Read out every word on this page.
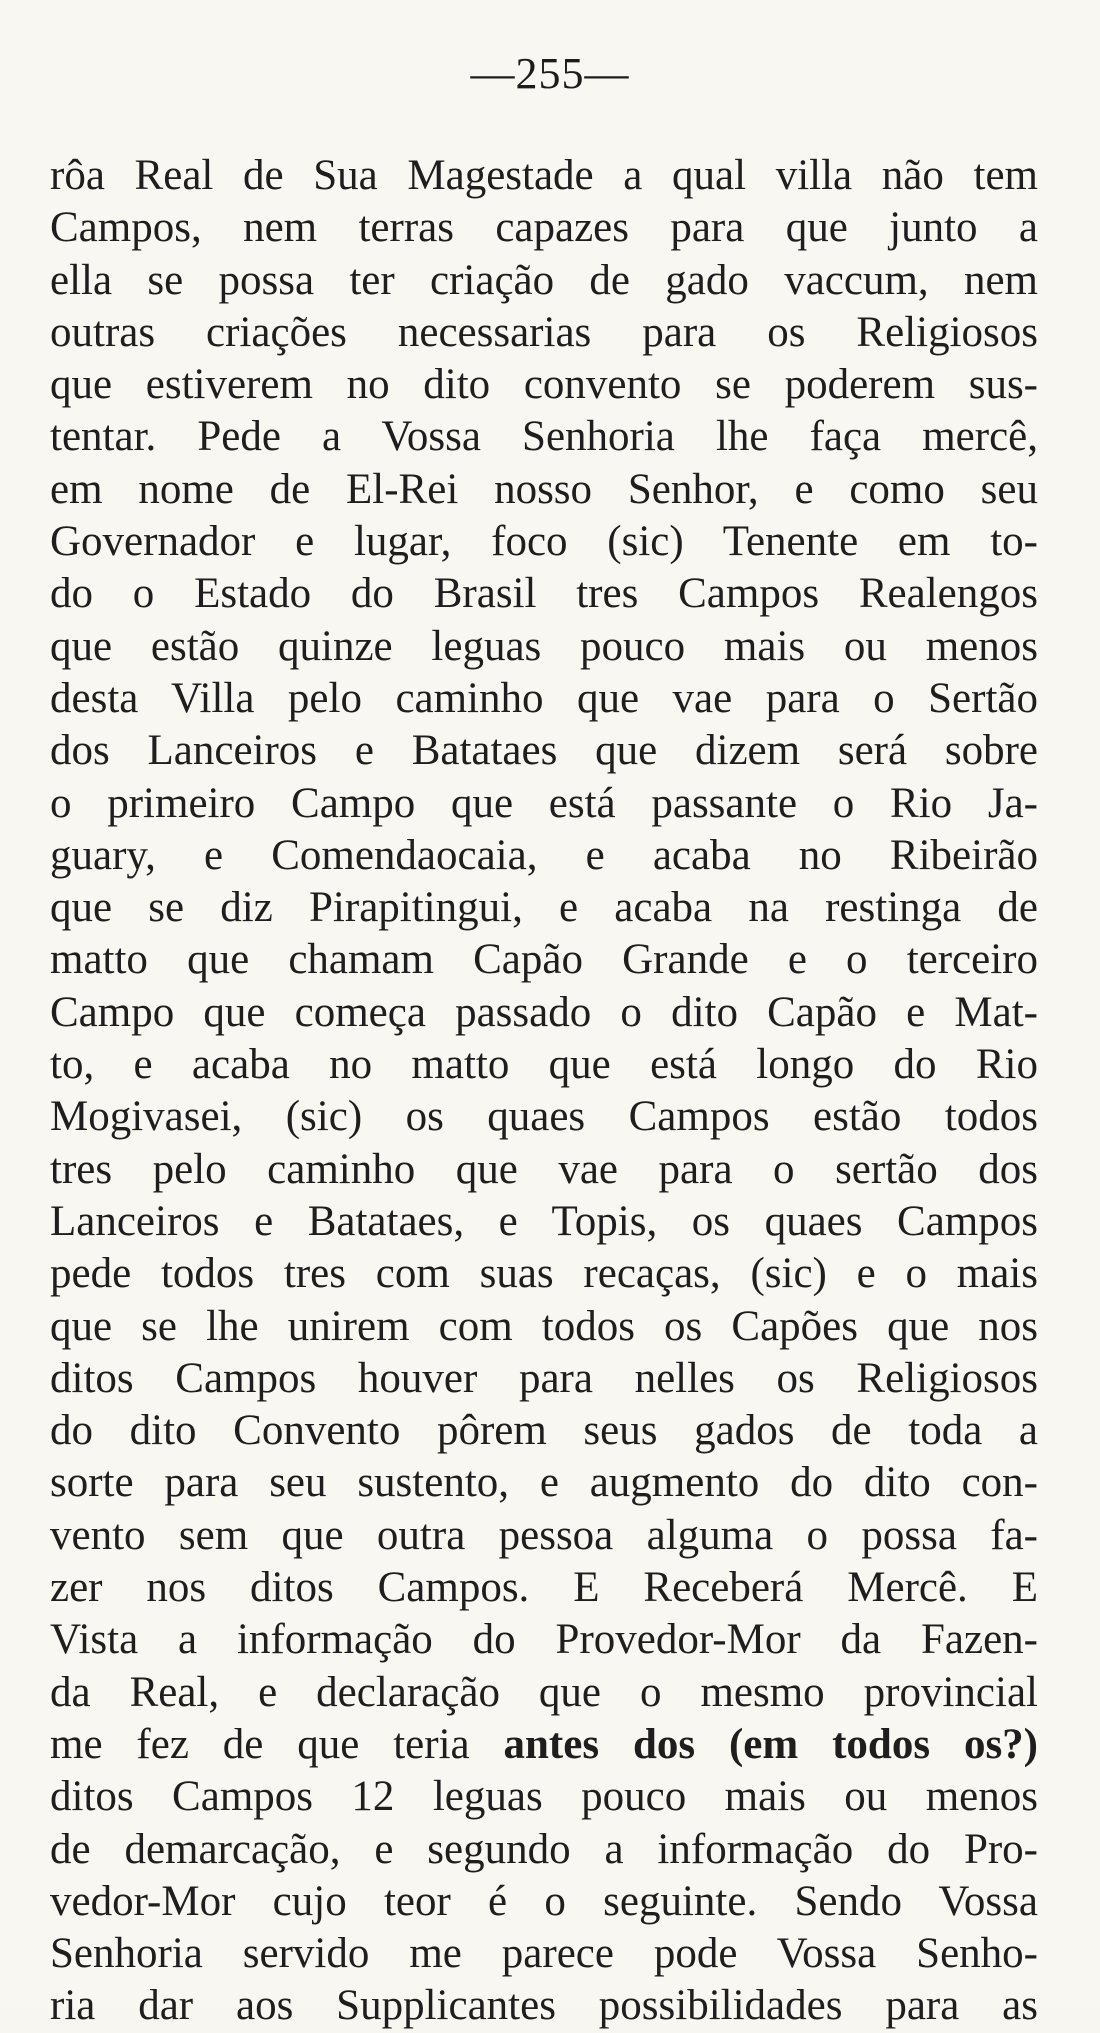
—255—
rôa Real de Sua Magestade a qual villa não tem
Campos, nem terras capazes para que junto a
ella se possa ter criação de gado vaccum, nem
outras criações necessarias para os Religiosos
que estiverem no dito convento se poderem sus-
tentar. Pede a Vossa Senhoria lhe faça mercê,
em nome de El-Rei nosso Senhor, e como seu
Governador e lugar, foco (sic) Tenente em to-
do o Estado do Brasil tres Campos Realengos
que estão quinze leguas pouco mais ou menos
desta Villa pelo caminho que vae para o Sertão
dos Lanceiros e Batataes que dizem será sobre
o primeiro Campo que está passante o Rio Ja-
guary, e Comendaocaia, e acaba no Ribeirão
que se diz Pirapitingui, e acaba na restinga de
matto que chamam Capão Grande e o terceiro
Campo que começa passado o dito Capão e Mat-
to, e acaba no matto que está longo do Rio
Mogivasei, (sic) os quaes Campos estão todos
tres pelo caminho que vae para o sertão dos
Lanceiros e Batataes, e Topis, os quaes Campos
pede todos tres com suas recaças, (sic) e o mais
que se lhe unirem com todos os Capões que nos
ditos Campos houver para nelles os Religiosos
do dito Convento pôrem seus gados de toda a
sorte para seu sustento, e augmento do dito con-
vento sem que outra pessoa alguma o possa fa-
zer nos ditos Campos. E Receberá Mercê. E
Vista a informação do Provedor-Mor da Fazen-
da Real, e declaração que o mesmo provincial
me fez de que teria antes dos (em todos os?)
ditos Campos 12 leguas pouco mais ou menos
de demarcação, e segundo a informação do Pro-
vedor-Mor cujo teor é o seguinte. Sendo Vossa
Senhoria servido me parece pode Vossa Senho-
ria dar aos Supplicantes possibilidades para as
